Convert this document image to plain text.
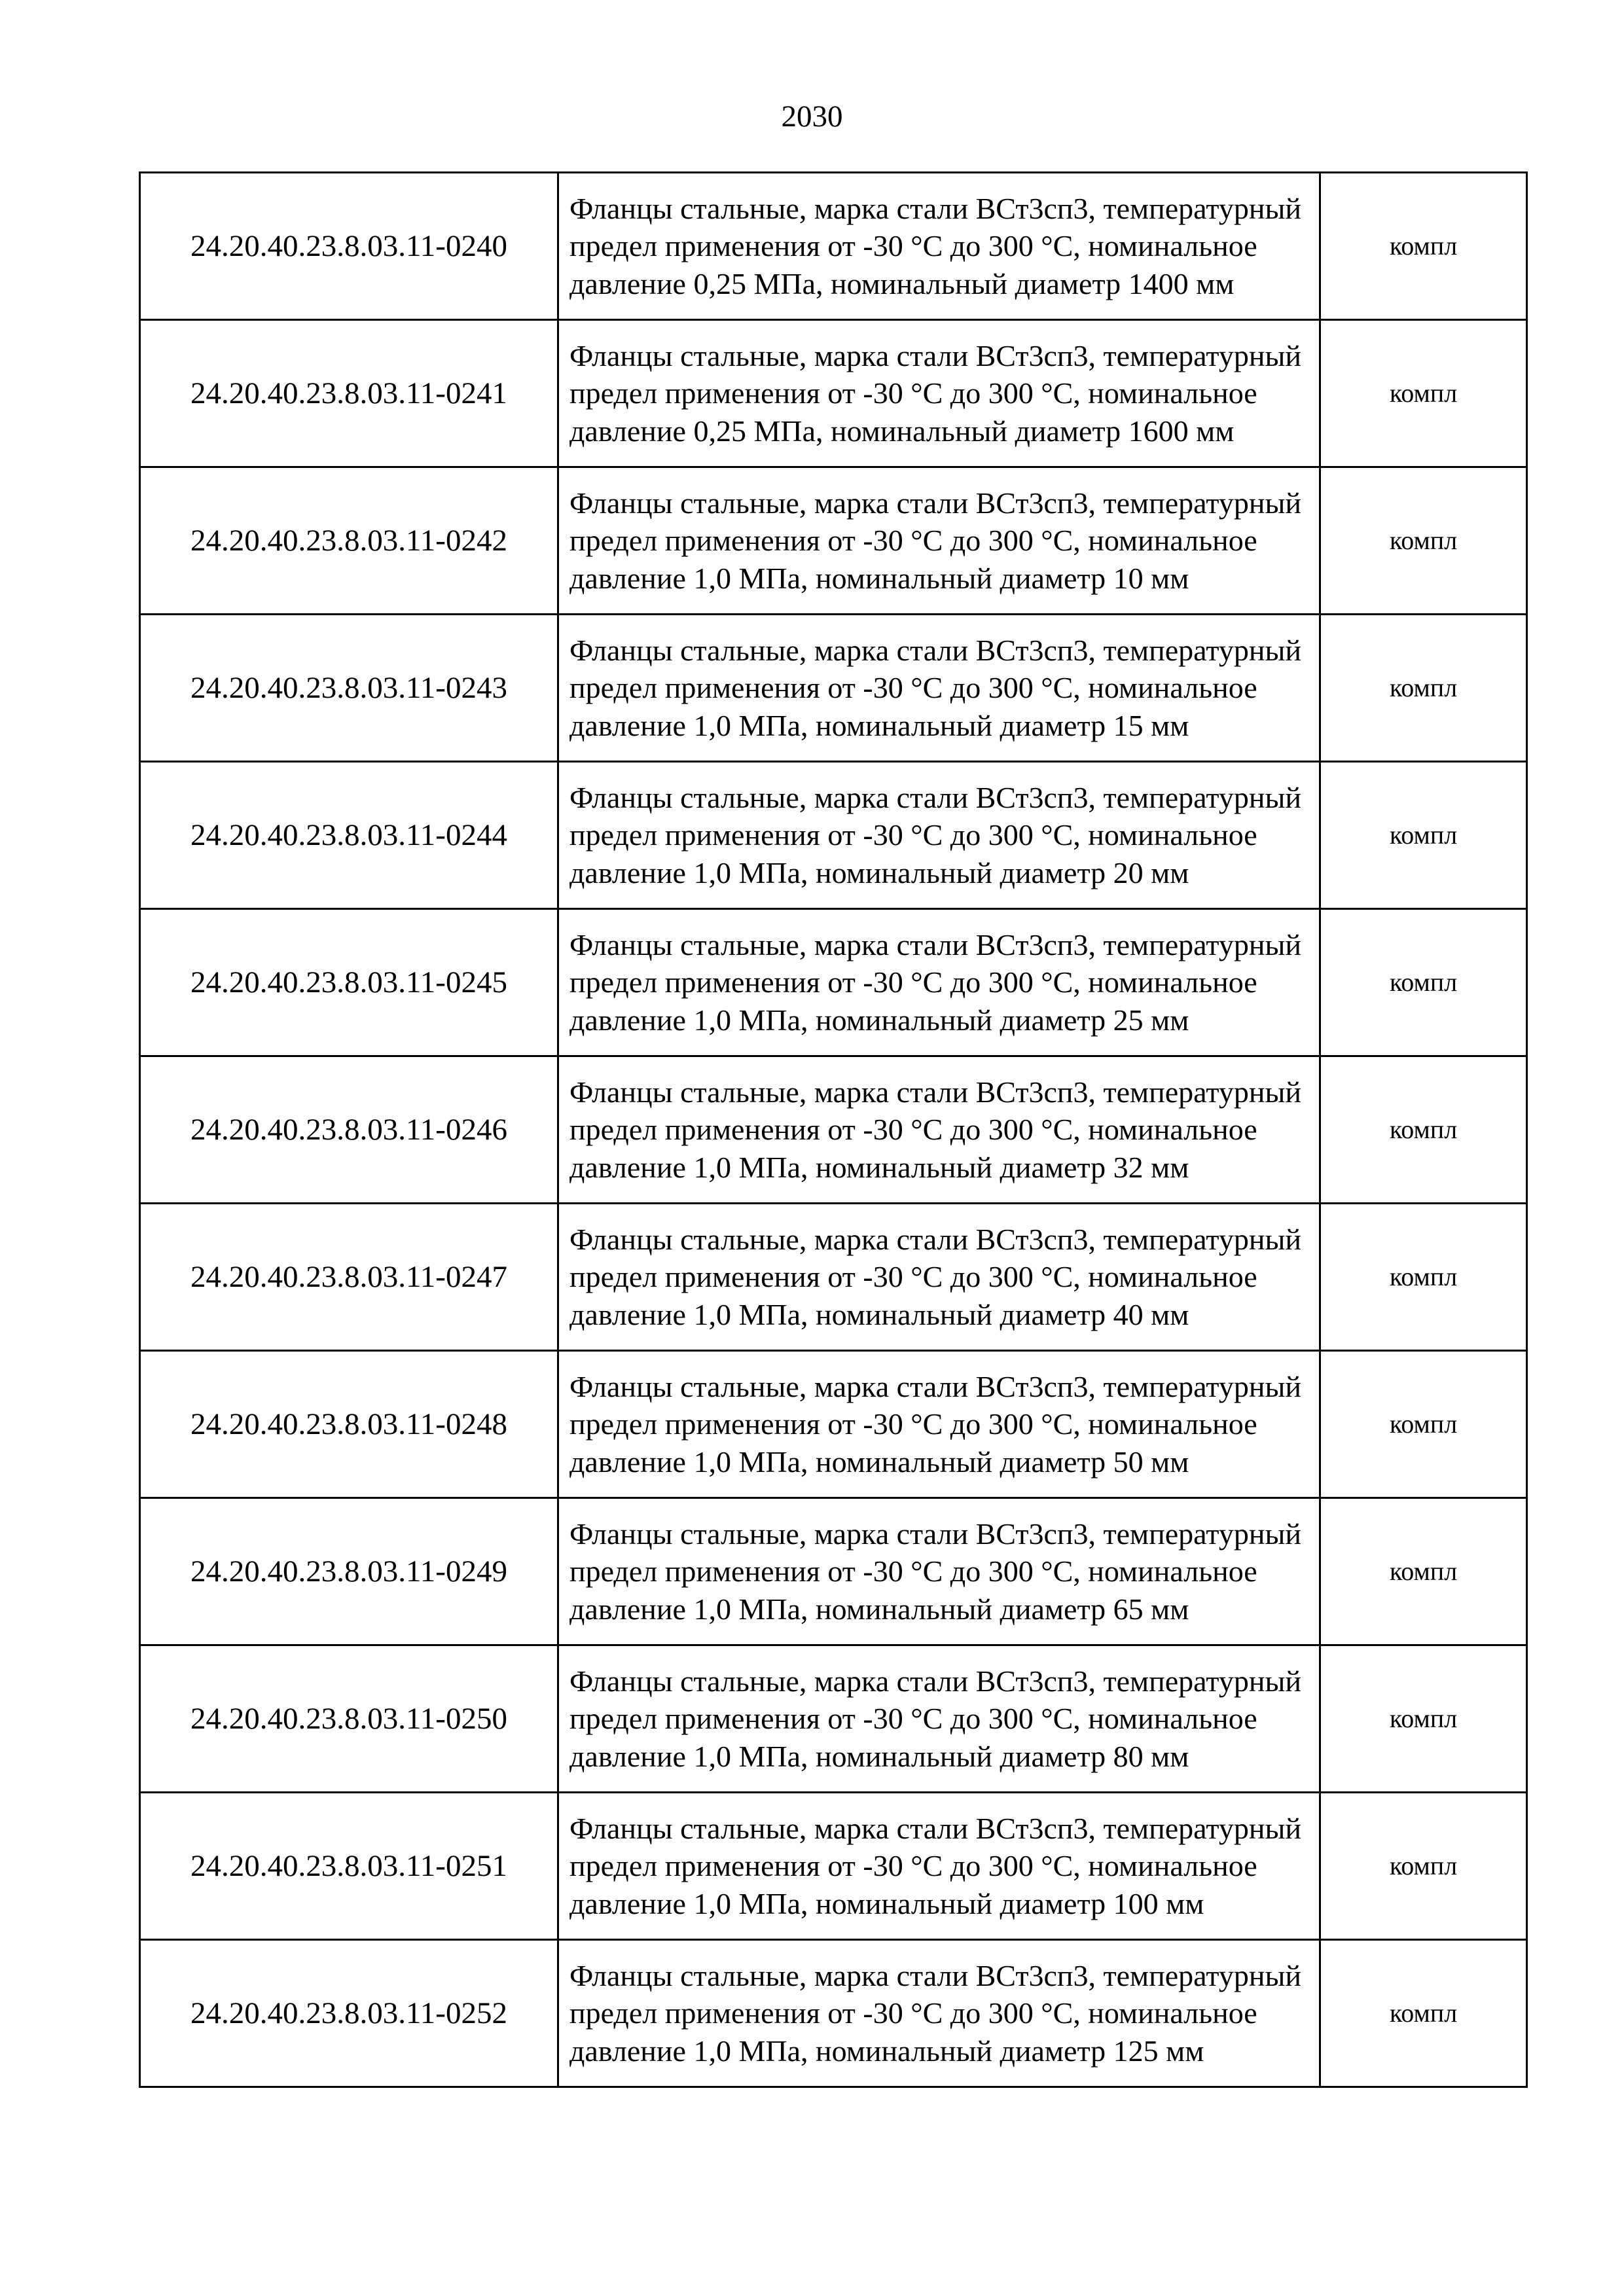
2030
24.20.40.23.8.03.11-0240	Фланцы стальные, марка стали ВСт3сп3, температурный предел применения от -30 °С до 300 °С, номинальное давление 0,25 МПа, номинальный диаметр 1400 мм	компл
24.20.40.23.8.03.11-0241	Фланцы стальные, марка стали ВСт3сп3, температурный предел применения от -30 °С до 300 °С, номинальное давление 0,25 МПа, номинальный диаметр 1600 мм	компл
24.20.40.23.8.03.11-0242	Фланцы стальные, марка стали ВСт3сп3, температурный предел применения от -30 °С до 300 °С, номинальное давление 1,0 МПа, номинальный диаметр 10 мм	компл
24.20.40.23.8.03.11-0243	Фланцы стальные, марка стали ВСт3сп3, температурный предел применения от -30 °С до 300 °С, номинальное давление 1,0 МПа, номинальный диаметр 15 мм	компл
24.20.40.23.8.03.11-0244	Фланцы стальные, марка стали ВСт3сп3, температурный предел применения от -30 °С до 300 °С, номинальное давление 1,0 МПа, номинальный диаметр 20 мм	компл
24.20.40.23.8.03.11-0245	Фланцы стальные, марка стали ВСт3сп3, температурный предел применения от -30 °С до 300 °С, номинальное давление 1,0 МПа, номинальный диаметр 25 мм	компл
24.20.40.23.8.03.11-0246	Фланцы стальные, марка стали ВСт3сп3, температурный предел применения от -30 °С до 300 °С, номинальное давление 1,0 МПа, номинальный диаметр 32 мм	компл
24.20.40.23.8.03.11-0247	Фланцы стальные, марка стали ВСт3сп3, температурный предел применения от -30 °С до 300 °С, номинальное давление 1,0 МПа, номинальный диаметр 40 мм	компл
24.20.40.23.8.03.11-0248	Фланцы стальные, марка стали ВСт3сп3, температурный предел применения от -30 °С до 300 °С, номинальное давление 1,0 МПа, номинальный диаметр 50 мм	компл
24.20.40.23.8.03.11-0249	Фланцы стальные, марка стали ВСт3сп3, температурный предел применения от -30 °С до 300 °С, номинальное давление 1,0 МПа, номинальный диаметр 65 мм	компл
24.20.40.23.8.03.11-0250	Фланцы стальные, марка стали ВСт3сп3, температурный предел применения от -30 °С до 300 °С, номинальное давление 1,0 МПа, номинальный диаметр 80 мм	компл
24.20.40.23.8.03.11-0251	Фланцы стальные, марка стали ВСт3сп3, температурный предел применения от -30 °С до 300 °С, номинальное давление 1,0 МПа, номинальный диаметр 100 мм	компл
24.20.40.23.8.03.11-0252	Фланцы стальные, марка стали ВСт3сп3, температурный предел применения от -30 °С до 300 °С, номинальное давление 1,0 МПа, номинальный диаметр 125 мм	компл
